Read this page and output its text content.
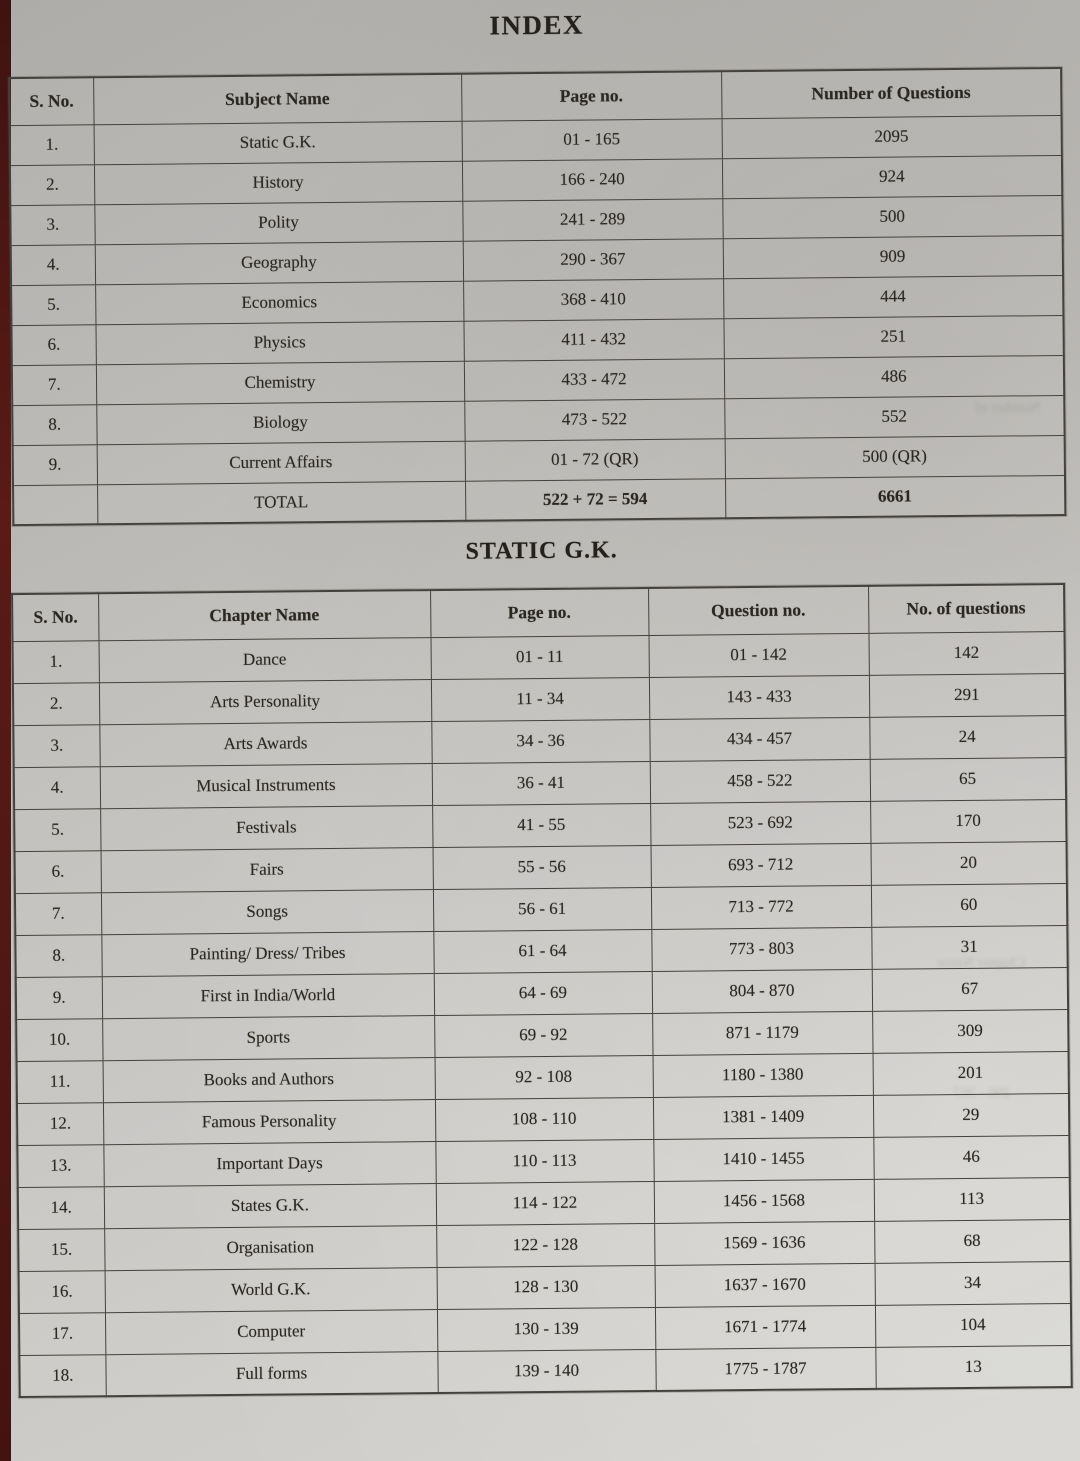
INDEX
S. No.	Subject Name	Page no.	Number of Questions
1.	Static G.K.	01 - 165	2095
2.	History	166 - 240	924
3.	Polity	241 - 289	500
4.	Geography	290 - 367	909
5.	Economics	368 - 410	444
6.	Physics	411 - 432	251
7.	Chemistry	433 - 472	486
8.	Biology	473 - 522	552
9.	Current Affairs	01 - 72 (QR)	500 (QR)
	TOTAL	522 + 72 = 594	6661
STATIC G.K.
S. No.	Chapter Name	Page no.	Question no.	No. of questions
1.	Dance	01 - 11	01 - 142	142
2.	Arts Personality	11 - 34	143 - 433	291
3.	Arts Awards	34 - 36	434 - 457	24
4.	Musical Instruments	36 - 41	458 - 522	65
5.	Festivals	41 - 55	523 - 692	170
6.	Fairs	55 - 56	693 - 712	20
7.	Songs	56 - 61	713 - 772	60
8.	Painting/ Dress/ Tribes	61 - 64	773 - 803	31
9.	First in India/World	64 - 69	804 - 870	67
10.	Sports	69 - 92	871 - 1179	309
11.	Books and Authors	92 - 108	1180 - 1380	201
12.	Famous Personality	108 - 110	1381 - 1409	29
13.	Important Days	110 - 113	1410 - 1455	46
14.	States G.K.	114 - 122	1456 - 1568	113
15.	Organisation	122 - 128	1569 - 1636	68
16.	World G.K.	128 - 130	1637 - 1670	34
17.	Computer	130 - 139	1671 - 1774	104
18.	Full forms	139 - 140	1775 - 1787	13
Number of
Chapter Name
290 - 367
